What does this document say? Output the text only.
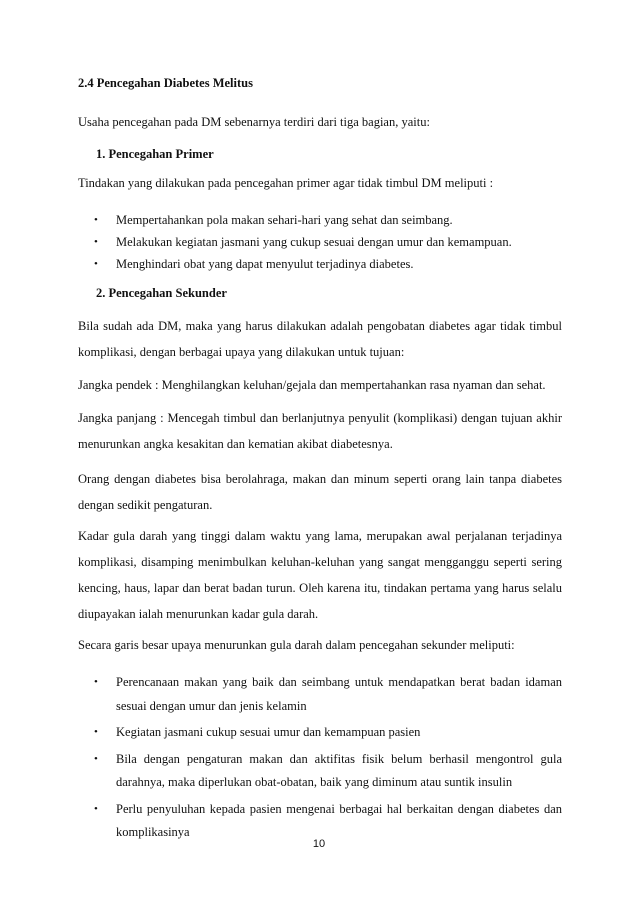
2.4 Pencegahan Diabetes Melitus
Usaha pencegahan pada DM sebenarnya terdiri dari tiga bagian, yaitu:
1. Pencegahan Primer
Tindakan yang dilakukan pada pencegahan primer agar tidak timbul DM meliputi :
• Mempertahankan pola makan sehari-hari yang sehat dan seimbang.
• Melakukan kegiatan jasmani yang cukup sesuai dengan umur dan kemampuan.
• Menghindari obat yang dapat menyulut terjadinya diabetes.
2. Pencegahan Sekunder
Bila sudah ada DM, maka yang harus dilakukan adalah pengobatan diabetes agar tidak timbul komplikasi, dengan berbagai upaya yang dilakukan untuk tujuan:
Jangka pendek : Menghilangkan keluhan/gejala dan mempertahankan rasa nyaman dan sehat.
Jangka panjang : Mencegah timbul dan berlanjutnya penyulit (komplikasi) dengan tujuan akhir menurunkan angka kesakitan dan kematian akibat diabetesnya.
Orang dengan diabetes bisa berolahraga, makan dan minum seperti orang lain tanpa diabetes dengan sedikit pengaturan.
Kadar gula darah yang tinggi dalam waktu yang lama, merupakan awal perjalanan terjadinya komplikasi, disamping menimbulkan keluhan-keluhan yang sangat mengganggu seperti sering kencing, haus, lapar dan berat badan turun. Oleh karena itu, tindakan pertama yang harus selalu diupayakan ialah menurunkan kadar gula darah.
Secara garis besar upaya menurunkan gula darah dalam pencegahan sekunder meliputi:
• Perencanaan makan yang baik dan seimbang untuk mendapatkan berat badan idaman sesuai dengan umur dan jenis kelamin
• Kegiatan jasmani cukup sesuai umur dan kemampuan pasien
• Bila dengan pengaturan makan dan aktifitas fisik belum berhasil mengontrol gula darahnya, maka diperlukan obat-obatan, baik yang diminum atau suntik insulin
• Perlu penyuluhan kepada pasien mengenai berbagai hal berkaitan dengan diabetes dan komplikasinya
10
